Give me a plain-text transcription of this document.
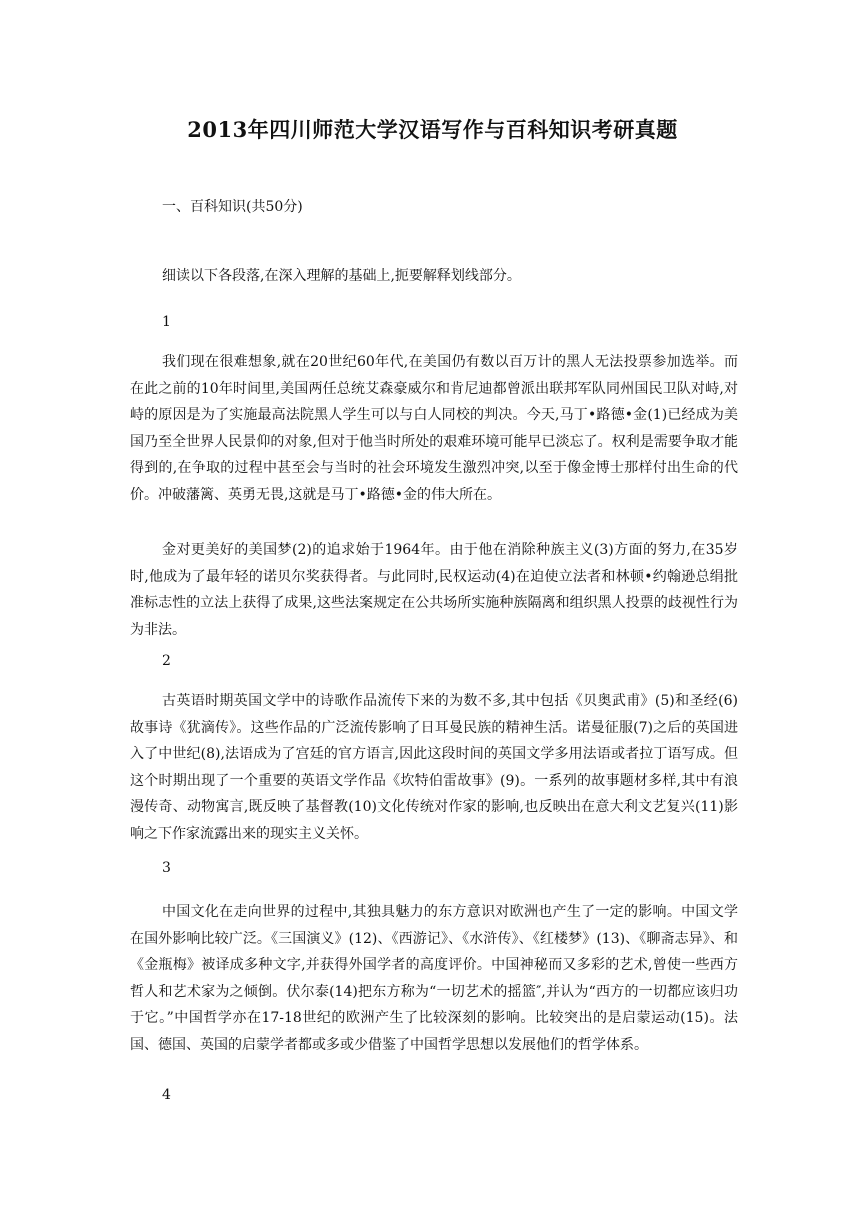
2013年四川师范大学汉语写作与百科知识考研真题

一、百科知识(共50分)

细读以下各段落,在深入理解的基础上,扼要解释划线部分。

1

我们现在很难想象,就在20世纪60年代,在美国仍有数以百万计的黑人无法投票参加选举。而在此之前的10年时间里,美国两任总统艾森豪威尔和肯尼迪都曾派出联邦军队同州国民卫队对峙,对峙的原因是为了实施最高法院黑人学生可以与白人同校的判决。今天,马丁•路德•金(1)已经成为美国乃至全世界人民景仰的对象,但对于他当时所处的艰难环境可能早已淡忘了。权利是需要争取才能得到的,在争取的过程中甚至会与当时的社会环境发生激烈冲突,以至于像金博士那样付出生命的代价。冲破藩篱、英勇无畏,这就是马丁•路德•金的伟大所在。

金对更美好的美国梦(2)的追求始于1964年。由于他在消除种族主义(3)方面的努力,在35岁时,他成为了最年轻的诺贝尔奖获得者。与此同时,民权运动(4)在迫使立法者和林顿•约翰逊总绢批准标志性的立法上获得了成果,这些法案规定在公共场所实施种族隔离和组织黑人投票的歧视性行为为非法。

2

古英语时期英国文学中的诗歌作品流传下来的为数不多,其中包括《贝奥武甫》(5)和圣经(6)故事诗《犹滴传》。这些作品的广泛流传影响了日耳曼民族的精神生活。诺曼征服(7)之后的英国进入了中世纪(8),法语成为了宫廷的官方语言,因此这段时间的英国文学多用法语或者拉丁语写成。但这个时期出现了一个重要的英语文学作品《坎特伯雷故事》(9)。一系列的故事题材多样,其中有浪漫传奇、动物寓言,既反映了基督教(10)文化传统对作家的影响,也反映出在意大利文艺复兴(11)影响之下作家流露出来的现实主义关怀。

3

中国文化在走向世界的过程中,其独具魅力的东方意识对欧洲也产生了一定的影响。中国文学在国外影响比较广泛。《三国演义》(12)、《西游记》、《水浒传》、《红楼梦》(13)、《聊斋志异》、和《金瓶梅》被译成多种文字,并获得外国学者的高度评价。中国神秘而又多彩的艺术,曾使一些西方哲人和艺术家为之倾倒。伏尔泰(14)把东方称为“一切艺术的摇篮″,并认为“西方的一切都应该归功于它。”中国哲学亦在17-18世纪的欧洲产生了比较深刻的影响。比较突出的是启蒙运动(15)。法国、德国、英国的启蒙学者都或多或少借鉴了中国哲学思想以发展他们的哲学体系。

4
